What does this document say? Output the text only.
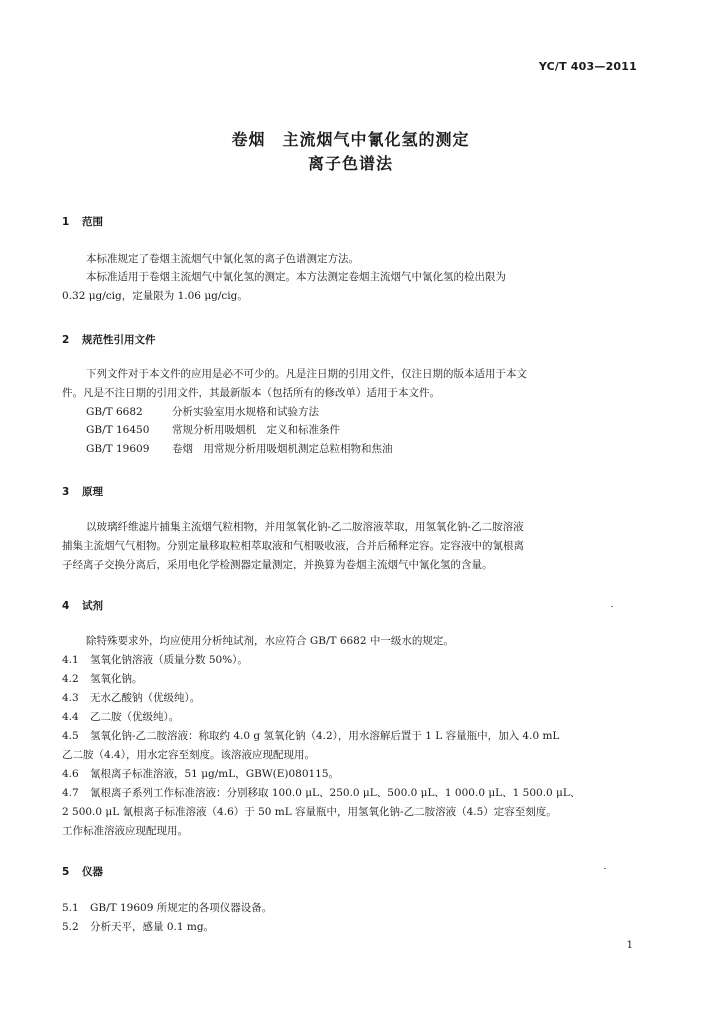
YC/T 403—2011
卷烟　主流烟气中氰化氢的测定
离子色谱法
1 范围
本标准规定了卷烟主流烟气中氰化氢的离子色谱测定方法。
本标准适用于卷烟主流烟气中氰化氢的测定。本方法测定卷烟主流烟气中氰化氢的检出限为
0.32 μg/cig，定量限为 1.06 μg/cig。
2 规范性引用文件
下列文件对于本文件的应用是必不可少的。凡是注日期的引用文件，仅注日期的版本适用于本文
件。凡是不注日期的引用文件，其最新版本（包括所有的修改单）适用于本文件。
GB/T 6682	分析实验室用水规格和试验方法
GB/T 16450 常规分析用吸烟机　定义和标准条件
GB/T 19609 卷烟　用常规分析用吸烟机测定总粒相物和焦油
3 原理
以玻璃纤维滤片捕集主流烟气粒相物，并用氢氧化钠-乙二胺溶液萃取，用氢氧化钠-乙二胺溶液
捕集主流烟气气相物。分别定量移取粒相萃取液和气相吸收液，合并后稀释定容。定容液中的氰根离
子经离子交换分离后，采用电化学检测器定量测定，并换算为卷烟主流烟气中氰化氢的含量。
4 试剂
除特殊要求外，均应使用分析纯试剂，水应符合 GB/T 6682 中一级水的规定。
4.1 氢氧化钠溶液（质量分数 50%）。
4.2 氢氧化钠。
4.3 无水乙酸钠（优级纯）。
4.4 乙二胺（优级纯）。
4.5 氢氧化钠-乙二胺溶液：称取约 4.0 g 氢氧化钠（4.2），用水溶解后置于 1 L 容量瓶中，加入 4.0 mL
乙二胺（4.4），用水定容至刻度。该溶液应现配现用。
4.6 氰根离子标准溶液，51 μg/mL，GBW(E)080115。
4.7 氰根离子系列工作标准溶液：分别移取 100.0 μL、250.0 μL、500.0 μL、1 000.0 μL、1 500.0 μL、
2 500.0 μL 氰根离子标准溶液（4.6）于 50 mL 容量瓶中，用氢氧化钠-乙二胺溶液（4.5）定容至刻度。
工作标准溶液应现配现用。
5 仪器
5.1 GB/T 19609 所规定的各项仪器设备。
5.2 分析天平，感量 0.1 mg。
1
